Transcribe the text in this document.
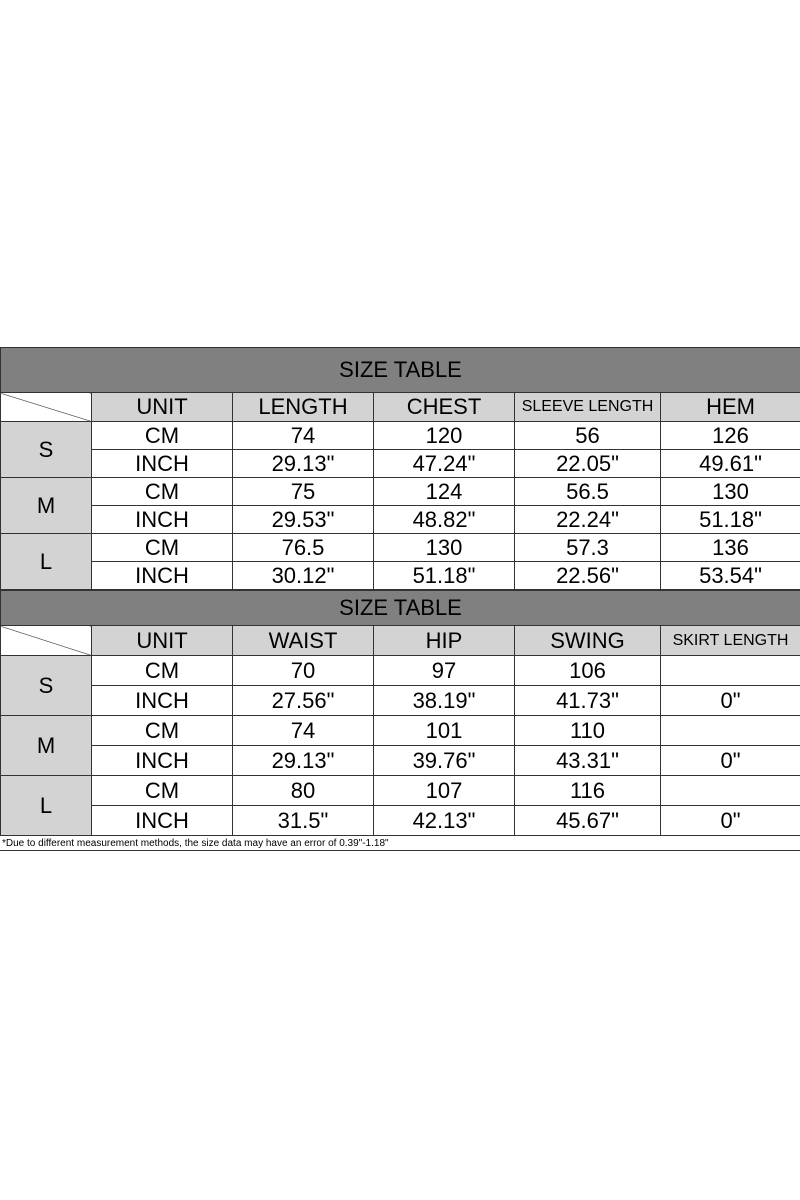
SIZE TABLE					
	UNIT	LENGTH	CHEST	SLEEVE LENGTH	HEM
S	CM	74	120	56	126
	INCH	29.13"	47.24"	22.05"	49.61"
M	CM	75	124	56.5	130
	INCH	29.53"	48.82"	22.24"	51.18"
L	CM	76.5	130	57.3	136
	INCH	30.12"	51.18"	22.56"	53.54"
SIZE TABLE					
	UNIT	WAIST	HIP	SWING	SKIRT LENGTH
S	CM	70	97	106	
	INCH	27.56"	38.19"	41.73"	0"
M	CM	74	101	110	
	INCH	29.13"	39.76"	43.31"	0"
L	CM	80	107	116	
	INCH	31.5"	42.13"	45.67"	0"
*Due to different measurement methods, the size data may have an error of 0.39"-1.18"
